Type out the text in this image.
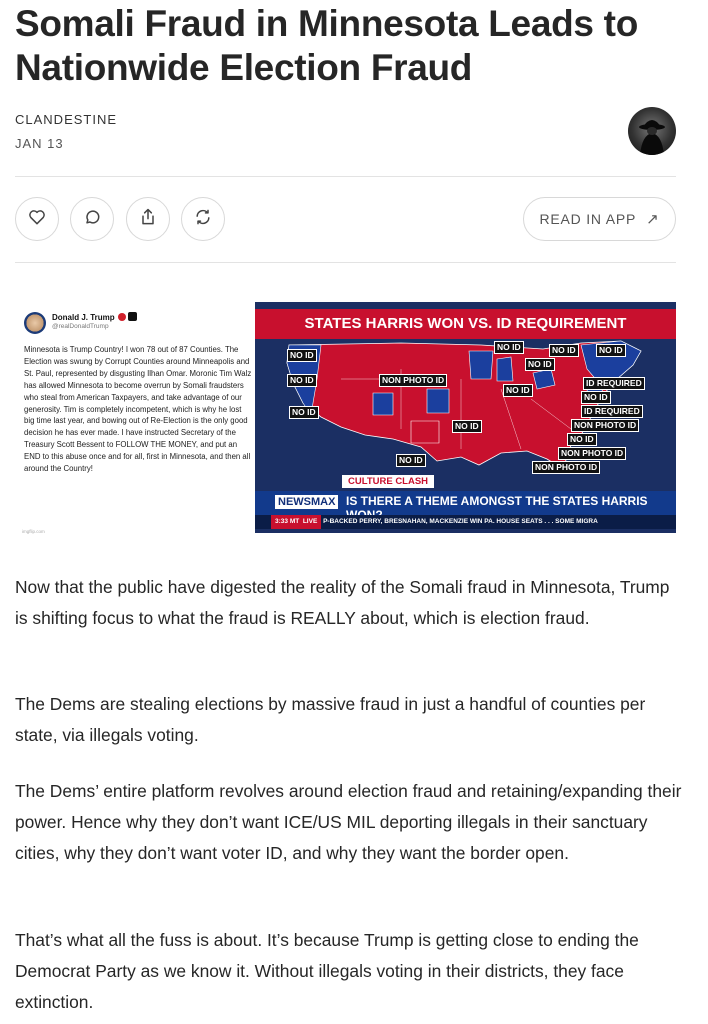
Somali Fraud in Minnesota Leads to Nationwide Election Fraud
CLANDESTINE
JAN 13
READ IN APP ↗
Donald J. Trump
@realDonaldTrump

Minnesota is Trump Country! I won 78 out of 87 Counties. The Election was swung by Corrupt Counties around Minneapolis and St. Paul, represented by disgusting Ilhan Omar. Moronic Tim Walz has allowed Minnesota to become overrun by Somali fraudsters who steal from American Taxpayers, and take advantage of our generosity. Tim is completely incompetent, which is why he lost big time last year, and bowing out of Re-Election is the only good decision he has ever made. I have instructed Secretary of the Treasury Scott Bessent to FOLLOW THE MONEY, and put an END to this abuse once and for all, first in Minnesota, and then all around the Country!

imgflip.com
STATES HARRIS WON VS. ID REQUIREMENT
NO ID
NO ID
NO ID
NO ID	NO ID	NO ID
NO ID
NON PHOTO ID
NO ID
NO ID
ID REQUIRED
NO ID
ID REQUIRED
NON PHOTO ID
NO ID
NON PHOTO ID
NON PHOTO ID
NO ID
CULTURE CLASH
NEWSMAX IS THERE A THEME AMONGST THE STATES HARRIS
3:33 MT LIVE P-BACKED PERRY, BRESNAHAN, MACKENZIE WIN PA. HOUSE SEATS . . . SOME MIGRA

Now that the public have digested the reality of the Somali fraud in Minnesota, Trump is shifting focus to what the fraud is REALLY about, which is election fraud.

The Dems are stealing elections by massive fraud in just a handful of counties per state, via illegals voting.

The Dems’ entire platform revolves around election fraud and retaining/expanding their power. Hence why they don’t want ICE/US MIL deporting illegals in their sanctuary cities, why they don’t want voter ID, and why they want the border open.

That’s what all the fuss is about. It’s because Trump is getting close to ending the Democrat Party as we know it. Without illegals voting in their districts, they face extinction.
